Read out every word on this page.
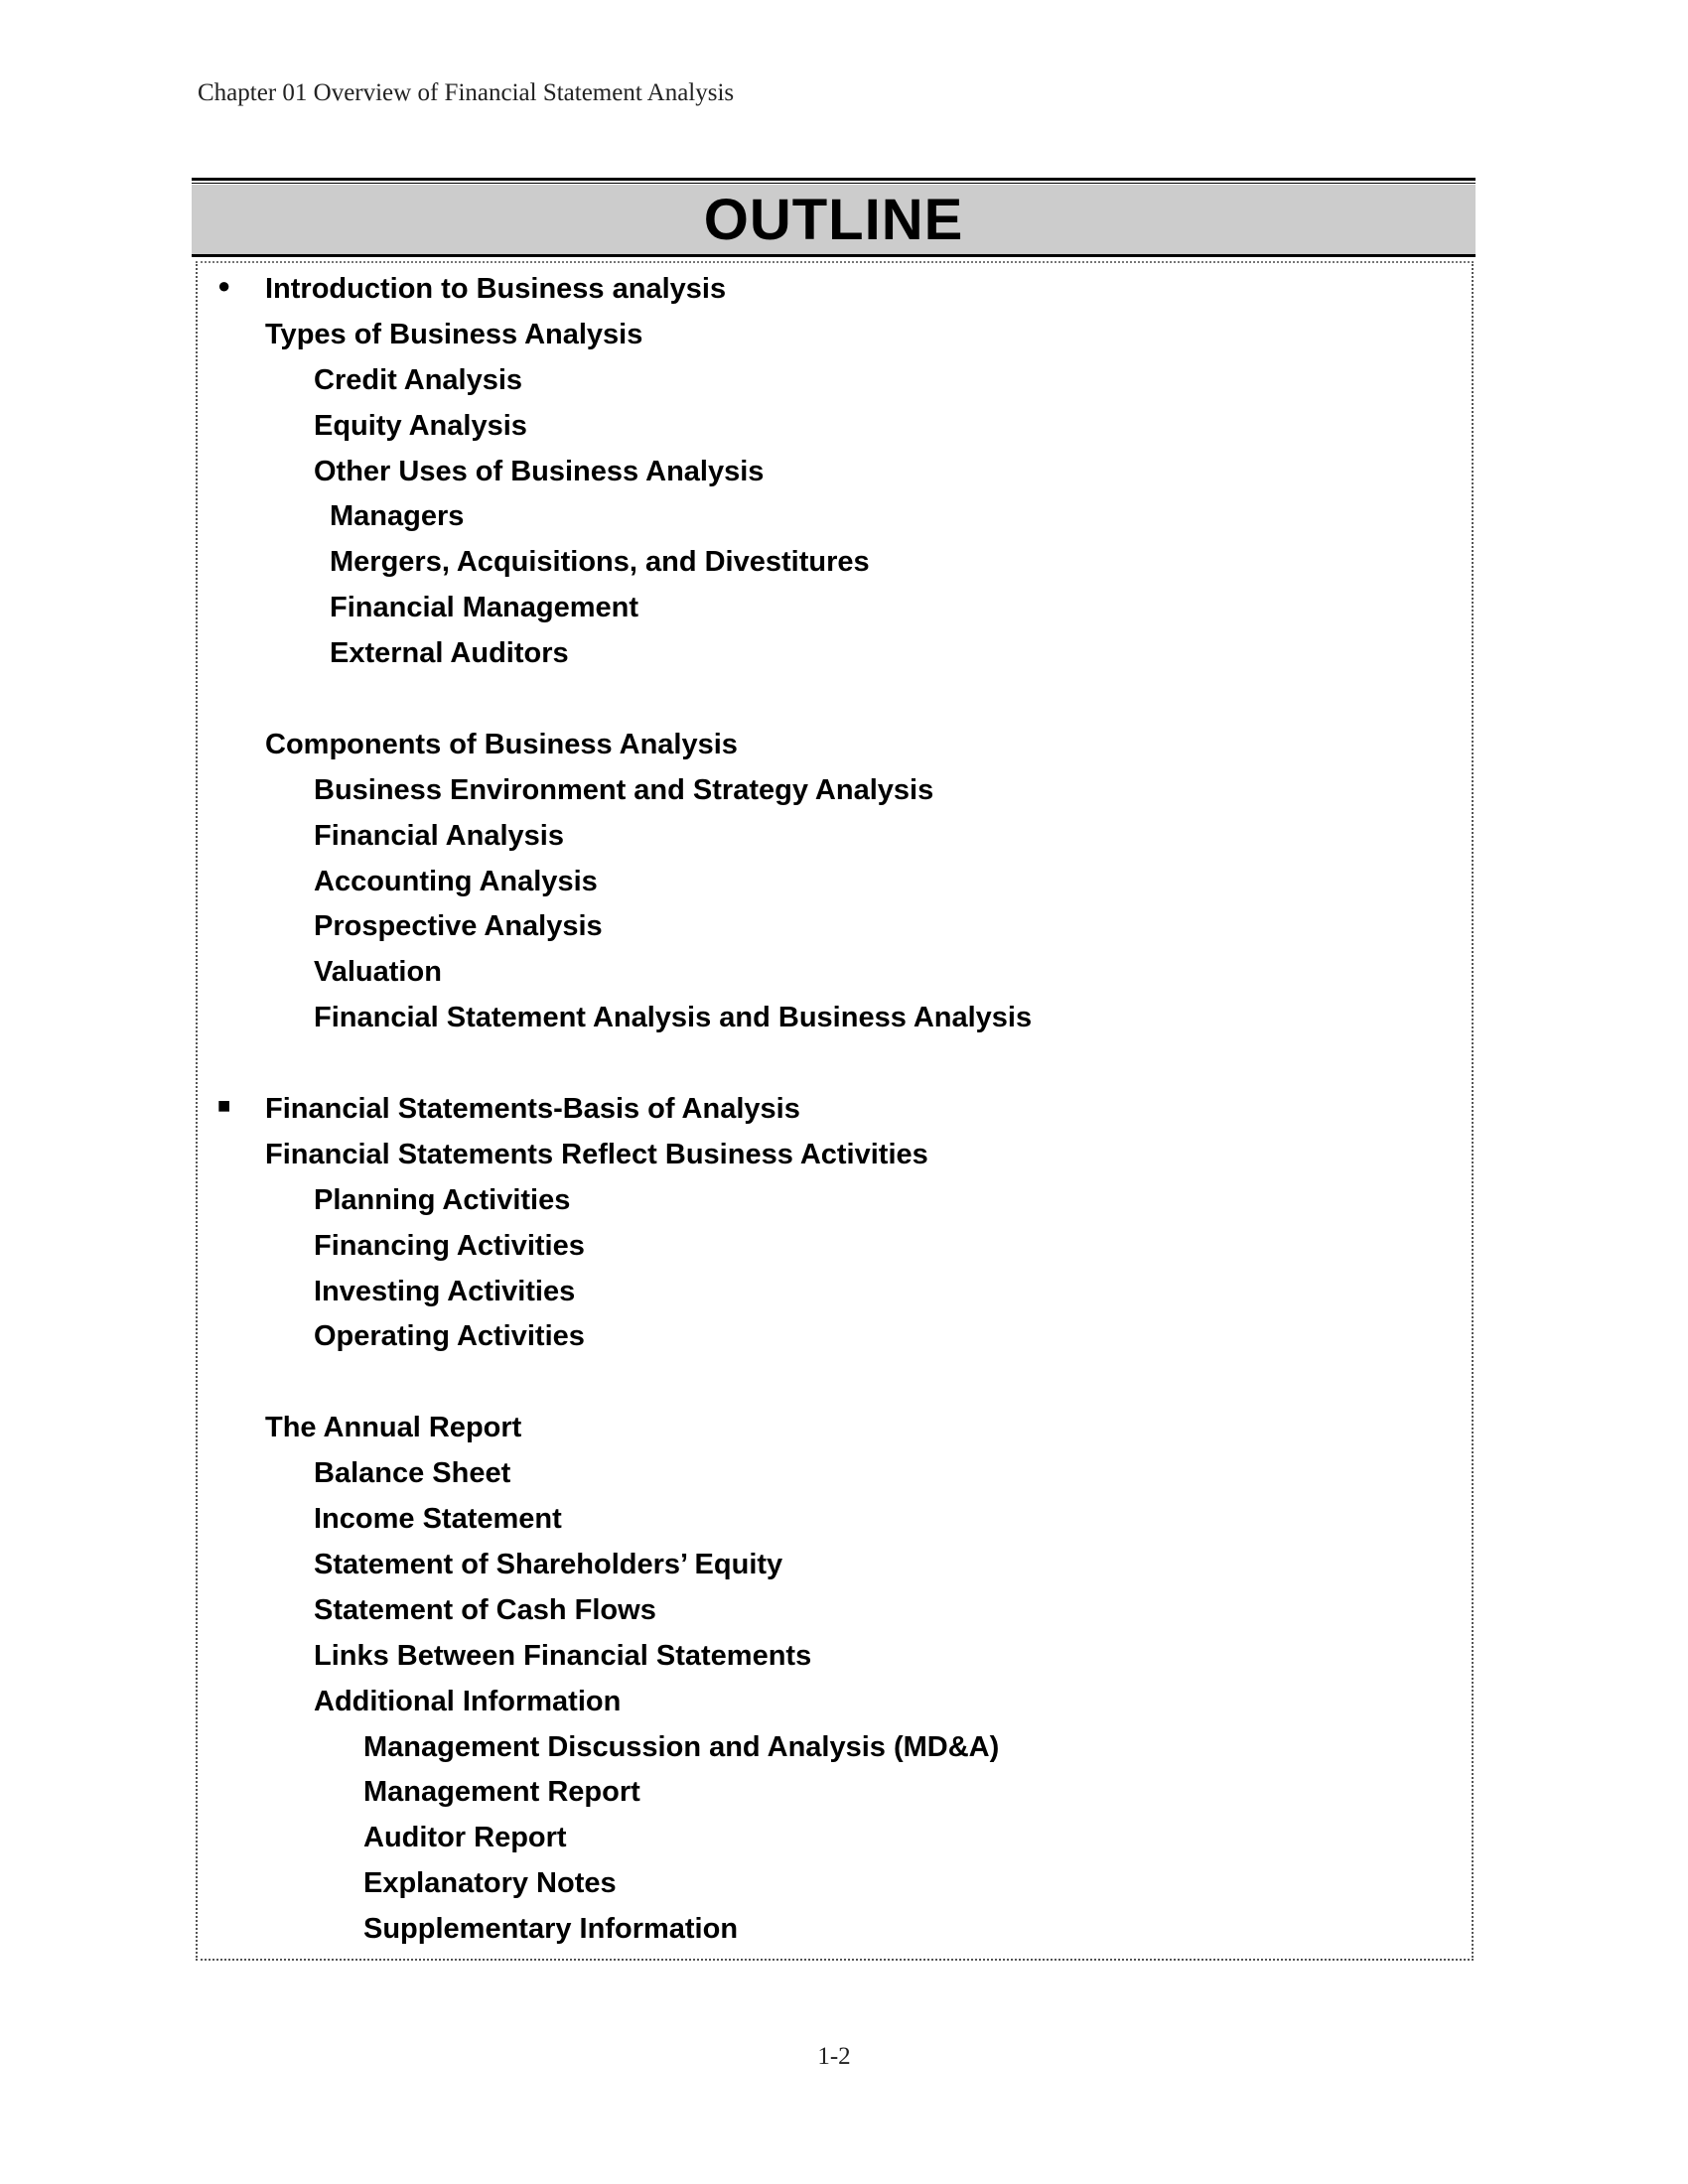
Chapter 01 Overview of Financial Statement Analysis
OUTLINE
● Introduction to Business analysis
Types of Business Analysis
Credit Analysis
Equity Analysis
Other Uses of Business Analysis
Managers
Mergers, Acquisitions, and Divestitures
Financial Management
External Auditors
Components of Business Analysis
Business Environment and Strategy Analysis
Financial Analysis
Accounting Analysis
Prospective Analysis
Valuation
Financial Statement Analysis and Business Analysis
■ Financial Statements-Basis of Analysis
Financial Statements Reflect Business Activities
Planning Activities
Financing Activities
Investing Activities
Operating Activities
The Annual Report
Balance Sheet
Income Statement
Statement of Shareholders’ Equity
Statement of Cash Flows
Links Between Financial Statements
Additional Information
Management Discussion and Analysis (MD&A)
Management Report
Auditor Report
Explanatory Notes
Supplementary Information
1-2
